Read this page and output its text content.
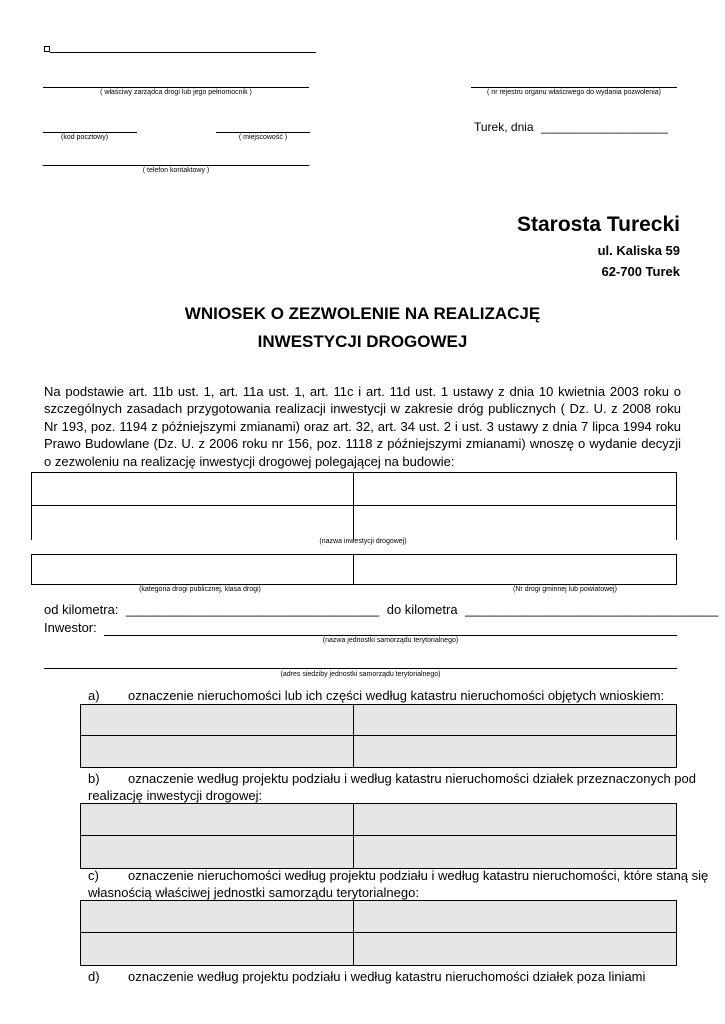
( właściwy zarządca drogi lub jego pełnomocnik )	( nr rejestru organu właściwego do wydania pozwolenia)
(kod pocztowy)	( miejscowość )
Turek, dnia ___________________
( telefon kontaktowy )
Starosta Turecki
ul. Kaliska 59
62-700 Turek
WNIOSEK O ZEZWOLENIE NA REALIZACJĘ
INWESTYCJI DROGOWEJ
Na podstawie art. 11b ust. 1, art. 11a ust. 1, art. 11c i art. 11d ust. 1 ustawy z dnia 10 kwietnia 2003 roku o szczególnych zasadach przygotowania realizacji inwestycji w zakresie dróg publicznych ( Dz. U. z 2008 roku Nr 193, poz. 1194 z późniejszymi zmianami) oraz art. 32, art. 34 ust. 2 i ust. 3 ustawy z dnia 7 lipca 1994 roku Prawo Budowlane (Dz. U. z 2006 roku nr 156, poz. 1118 z późniejszymi zmianami) wnoszę o wydanie decyzji o zezwoleniu na realizację inwestycji drogowej polegającej na budowie:
(nazwa inwestycji drogowej)
(kategoria drogi publicznej, klasa drogi)	(Nr drogi gminnej lub powiatowej)
od kilometra: ___________________________________ do kilometra ___________________________________
Inwestor:
(nazwa jednostki samorządu terytorialnego)
(adres siedziby jednostki samorządu terytorialnego)
a) oznaczenie nieruchomości lub ich części według katastru nieruchomości objętych wnioskiem:
b) oznaczenie według projektu podziału i według katastru nieruchomości działek przeznaczonych pod
realizację inwestycji drogowej:
c) oznaczenie nieruchomości według projektu podziału i według katastru nieruchomości, które staną się
własnością właściwej jednostki samorządu terytorialnego:
d) oznaczenie według projektu podziału i według katastru nieruchomości działek poza liniami
